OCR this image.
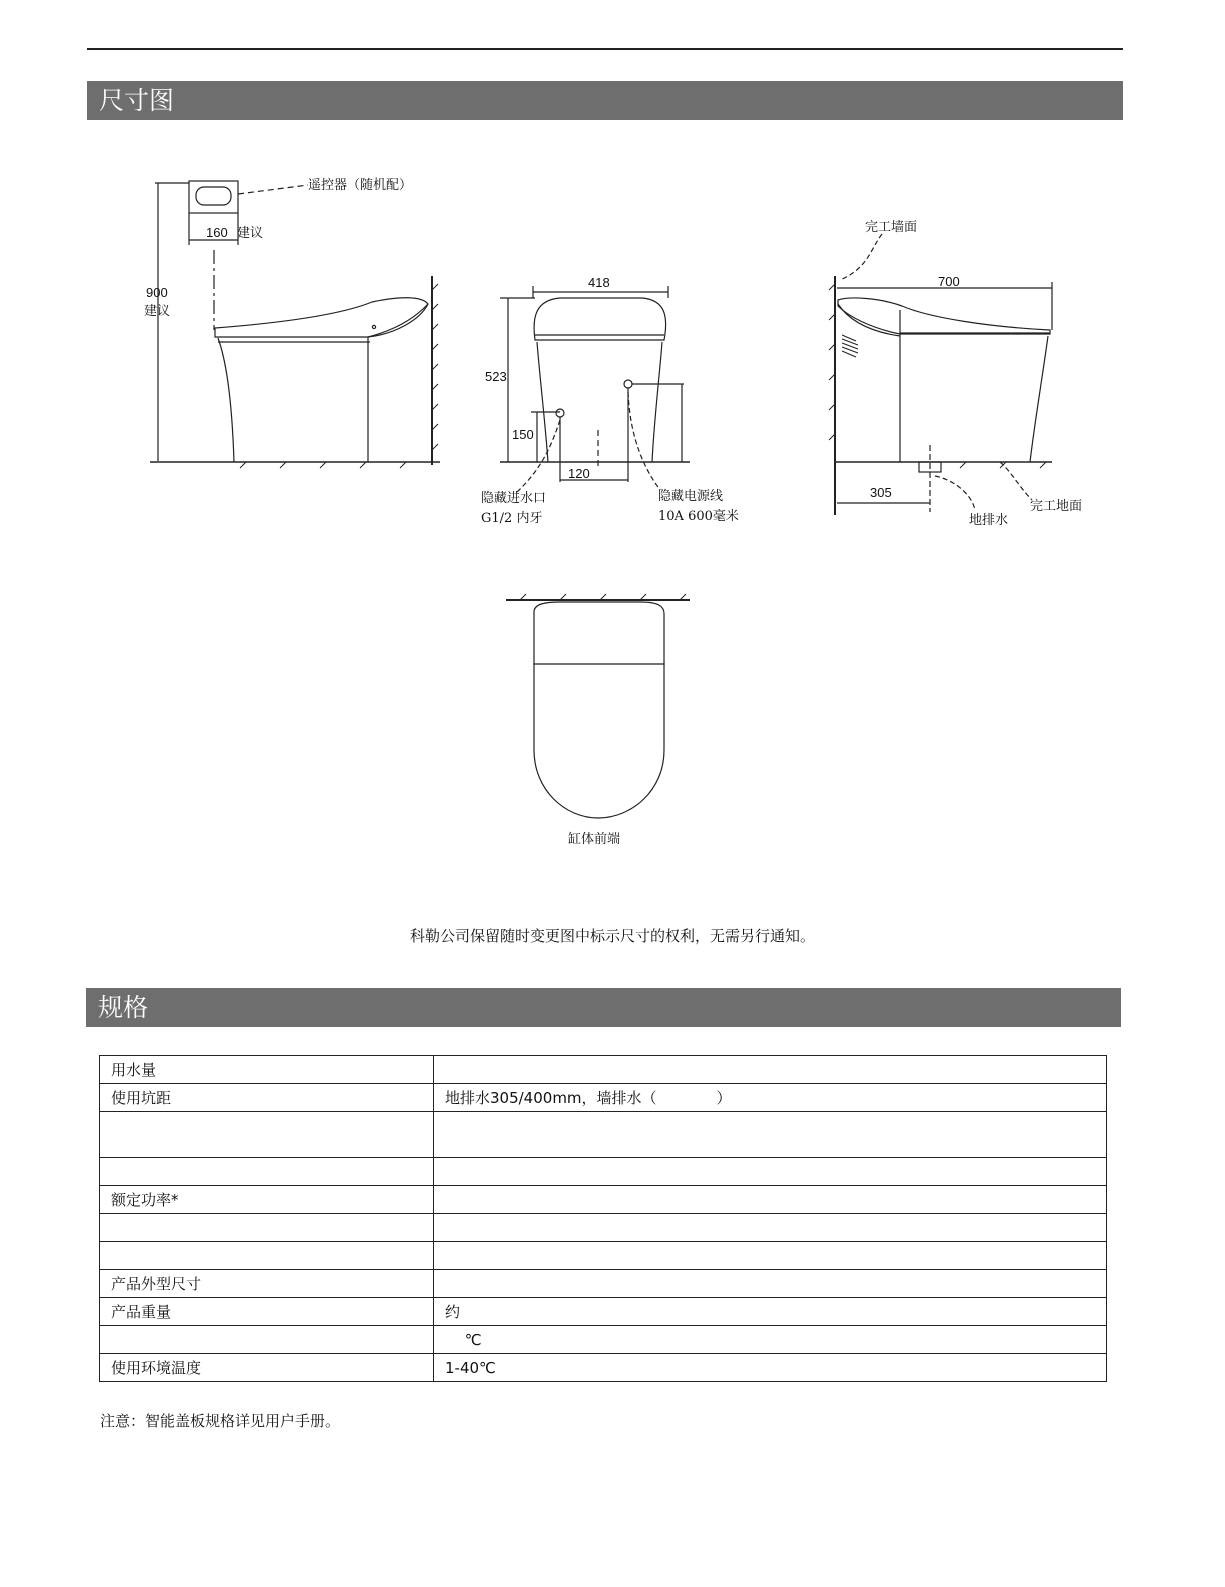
尺寸图
遥控器（随机配）
160 建议
900
建议
418
523
150
120
隐藏进水口
G1/2 内牙
隐藏电源线
10A 600毫米
完工墙面
700
305
地排水
完工地面
缸体前端
科勒公司保留随时变更图中标示尺寸的权利，无需另行通知。
规格
用水量	
使用坑距	地排水305/400mm，墙排水（　　　　）

额定功率*	

产品外型尺寸	
产品重量	约
	　 ℃
使用环境温度	1-40℃
注意：智能盖板规格详见用户手册。
